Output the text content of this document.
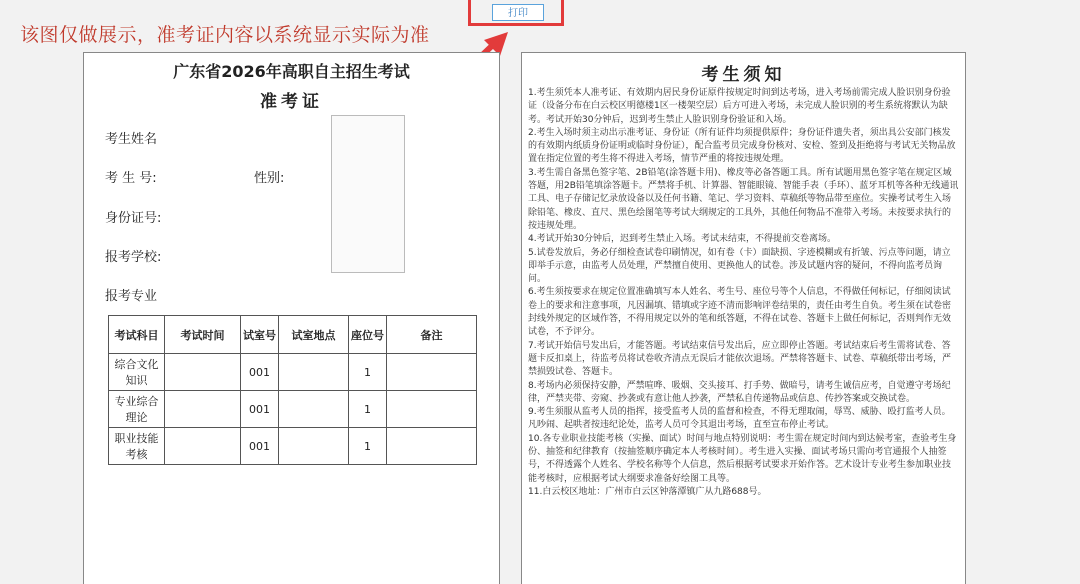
该图仅做展示，准考证内容以系统显示实际为准
打印
广东省2026年高职自主招生考试
准考证
考生姓名
考 生 号:	性别:
身份证号:
报考学校:
报考专业
考试科目	考试时间	试室号	试室地点	座位号	备注
综合文化知识		001		1	
专业综合理论		001		1	
职业技能考核		001		1	
考生须知

1.考生须凭本人准考证、有效期内居民身份证原件按规定时间到达考场，进入考场前需完成人脸识别身份验证（设备分布在白云校区明德楼1区一楼架空层）后方可进入考场，未完成人脸识别的考生系统将默认为缺考。考试开始30分钟后，迟到考生禁止人脸识别身份验证和入场。

2.考生入场时须主动出示准考证、身份证（所有证件均须提供原件；身份证件遗失者，须出具公安部门核发的有效期内纸质身份证明或临时身份证），配合监考员完成身份核对、安检、签到及拒绝将与考试无关物品放置在指定位置的考生将不得进入考场，情节严重的将按违规处理。

3.考生需自备黑色签字笔、2B铅笔(涂答题卡用)、橡皮等必备答题工具。所有试题用黑色签字笔在规定区域答题，用2B铅笔填涂答题卡。严禁将手机、计算器、智能眼镜、智能手表（手环）、蓝牙耳机等各种无线通讯工具、电子存储记忆录放设备以及任何书籍、笔记、学习资料、草稿纸等物品带至座位。实操考试考生入场除铅笔、橡皮、直尺、黑色绘图笔等考试大纲规定的工具外，其他任何物品不准带入考场。未按要求执行的按违规处理。

4.考试开始30分钟后，迟到考生禁止入场。考试未结束，不得提前交卷离场。

5.试卷发放后，务必仔细检查试卷印刷情况，如有卷（卡）面缺损、字迹模糊或有折皱、污点等问题，请立即举手示意，由监考人员处理，严禁擅自使用、更换他人的试卷。涉及试题内容的疑问，不得向监考员询问。

6.考生须按要求在规定位置准确填写本人姓名、考生号、座位号等个人信息，不得做任何标记，仔细阅读试卷上的要求和注意事项，凡因漏填、错填或字迹不清而影响评卷结果的，责任由考生自负。考生须在试卷密封线外规定的区域作答，不得用规定以外的笔和纸答题，不得在试卷、答题卡上做任何标记，否则判作无效试卷，不予评分。

7.考试开始信号发出后，才能答题。考试结束信号发出后，应立即停止答题。考试结束后考生需将试卷、答题卡反扣桌上，待监考员将试卷收齐清点无误后才能依次退场。严禁将答题卡、试卷、草稿纸带出考场，严禁损毁试卷、答题卡。

8.考场内必须保持安静，严禁喧哗、吸烟、交头接耳、打手势、做暗号，请考生诚信应考，自觉遵守考场纪律，严禁夹带、旁窥、抄袭或有意让他人抄袭，严禁私自传递物品或信息、传抄答案或交换试卷。

9.考生须服从监考人员的指挥，接受监考人员的监督和检查，不得无理取闹，辱骂、威胁、殴打监考人员。凡吵闹、起哄者按违纪论处，监考人员可令其退出考场，直至宣布停止考试。

10.各专业职业技能考核（实操、面试）时间与地点特别说明：考生需在规定时间内到达候考室，查验考生身份、抽签和纪律教育（按抽签顺序确定本人考核时间）。考生进入实操、面试考场只需向考官通报个人抽签号，不得透露个人姓名、学校名称等个人信息，然后根据考试要求开始作答。艺术设计专业考生参加职业技能考核时，应根据考试大纲要求准备好绘图工具等。

11.白云校区地址：广州市白云区钟落潭镇广从九路688号。
